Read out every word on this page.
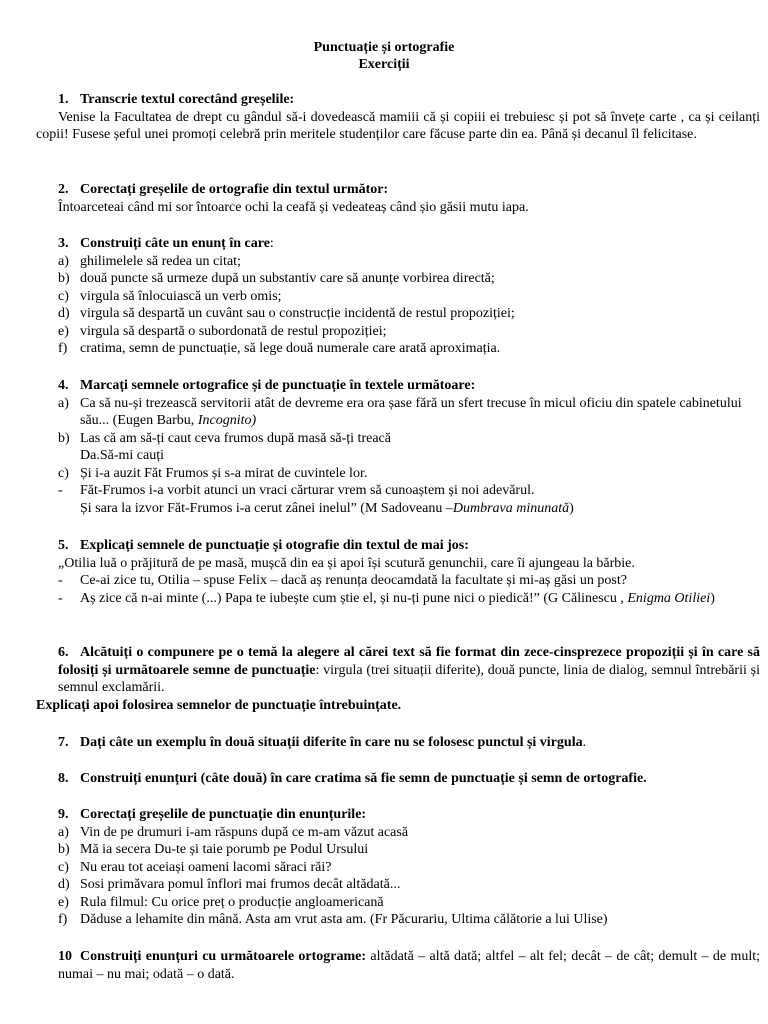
Punctuație și ortografie
Exerciții
1. Transcrie textul corectând greșelile:
Venise la Facultatea de drept cu gândul să-i dovedească mamiii că și copiii ei trebuiesc și pot să învețe carte , ca și ceilanți copii! Fusese șeful unei promoți celebră prin meritele studenților care făcuse parte din ea. Până și decanul îl felicitase.
2. Corectați greșelile de ortografie din textul următor:
Întoarceteai când mi sor întoarce ochi la ceafă și vedeateaș când șio găsii mutu iapa.
3. Construiți câte un enunț în care:
a) ghilimelele să redea un citat;
b) două puncte să urmeze după un substantiv care să anunțe vorbirea directă;
c) virgula să înlocuiască un verb omis;
d) virgula să despartă un cuvânt sau o construcție incidentă de restul propoziției;
e) virgula să despartă o subordonată de restul propoziției;
f) cratima, semn de punctuație, să lege două numerale care arată aproximația.
4. Marcați semnele ortografice și de punctuație în textele următoare:
a) Ca să nu-și trezească servitorii atât de devreme era ora șase fără un sfert trecuse în micul oficiu din spatele cabinetului său... (Eugen Barbu, Incognito)
b) Las că am să-ți caut ceva frumos după masă să-ți treacă
Da.Să-mi cauți
c) Și i-a auzit Făt Frumos și s-a mirat de cuvintele lor.
-	Făt-Frumos i-a vorbit atunci un vraci cărturar vrem să cunoaștem și noi adevărul.
Și sara la izvor Făt-Frumos i-a cerut zânei inelul” (M Sadoveanu –Dumbrava minunată)
5. Explicați semnele de punctuație și otografie din textul de mai jos:
„Otilia luă o prăjitură de pe masă, mușcă din ea și apoi își scutură genunchii, care îi ajungeau la bărbie.
-	Ce-ai zice tu, Otilia – spuse Felix – dacă aș renunța deocamdată la facultate și mi-aș găsi un post?
-	Aș zice că n-ai minte (...) Papa te iubește cum știe el, și nu-ți pune nici o piedică!” (G Călinescu , Enigma Otiliei)
6. Alcătuiți o compunere pe o temă la alegere al cărei text să fie format din zece-cinsprezece propoziții și în care să folosiți și următoarele semne de punctuație: virgula (trei situații diferite), două puncte, linia de dialog, semnul întrebării și semnul exclamării.
Explicați apoi folosirea semnelor de punctuație întrebuințate.
7. Dați câte un exemplu în două situații diferite în care nu se folosesc punctul și virgula.
8. Construiți enunțuri (câte două) în care cratima să fie semn de punctuație și semn de ortografie.
9. Corectați greșelile de punctuație din enunțurile:
a) Vin de pe drumuri i-am răspuns după ce m-am văzut acasă
b) Mă ia secera Du-te și taie porumb pe Podul Ursului
c) Nu erau tot aceiași oameni lacomi săraci răi?
d) Sosi primăvara pomul înflori mai frumos decât altădată...
e) Rula filmul: Cu orice preț o producție angloamericană
f) Dăduse a lehamite din mână. Asta am vrut asta am. (Fr Păcurariu, Ultima călătorie a lui Ulise)
10 Construiți enunțuri cu următoarele ortograme: altădată – altă dată; altfel – alt fel; decât – de cât; demult – de mult; numai – nu mai; odată – o dată.
